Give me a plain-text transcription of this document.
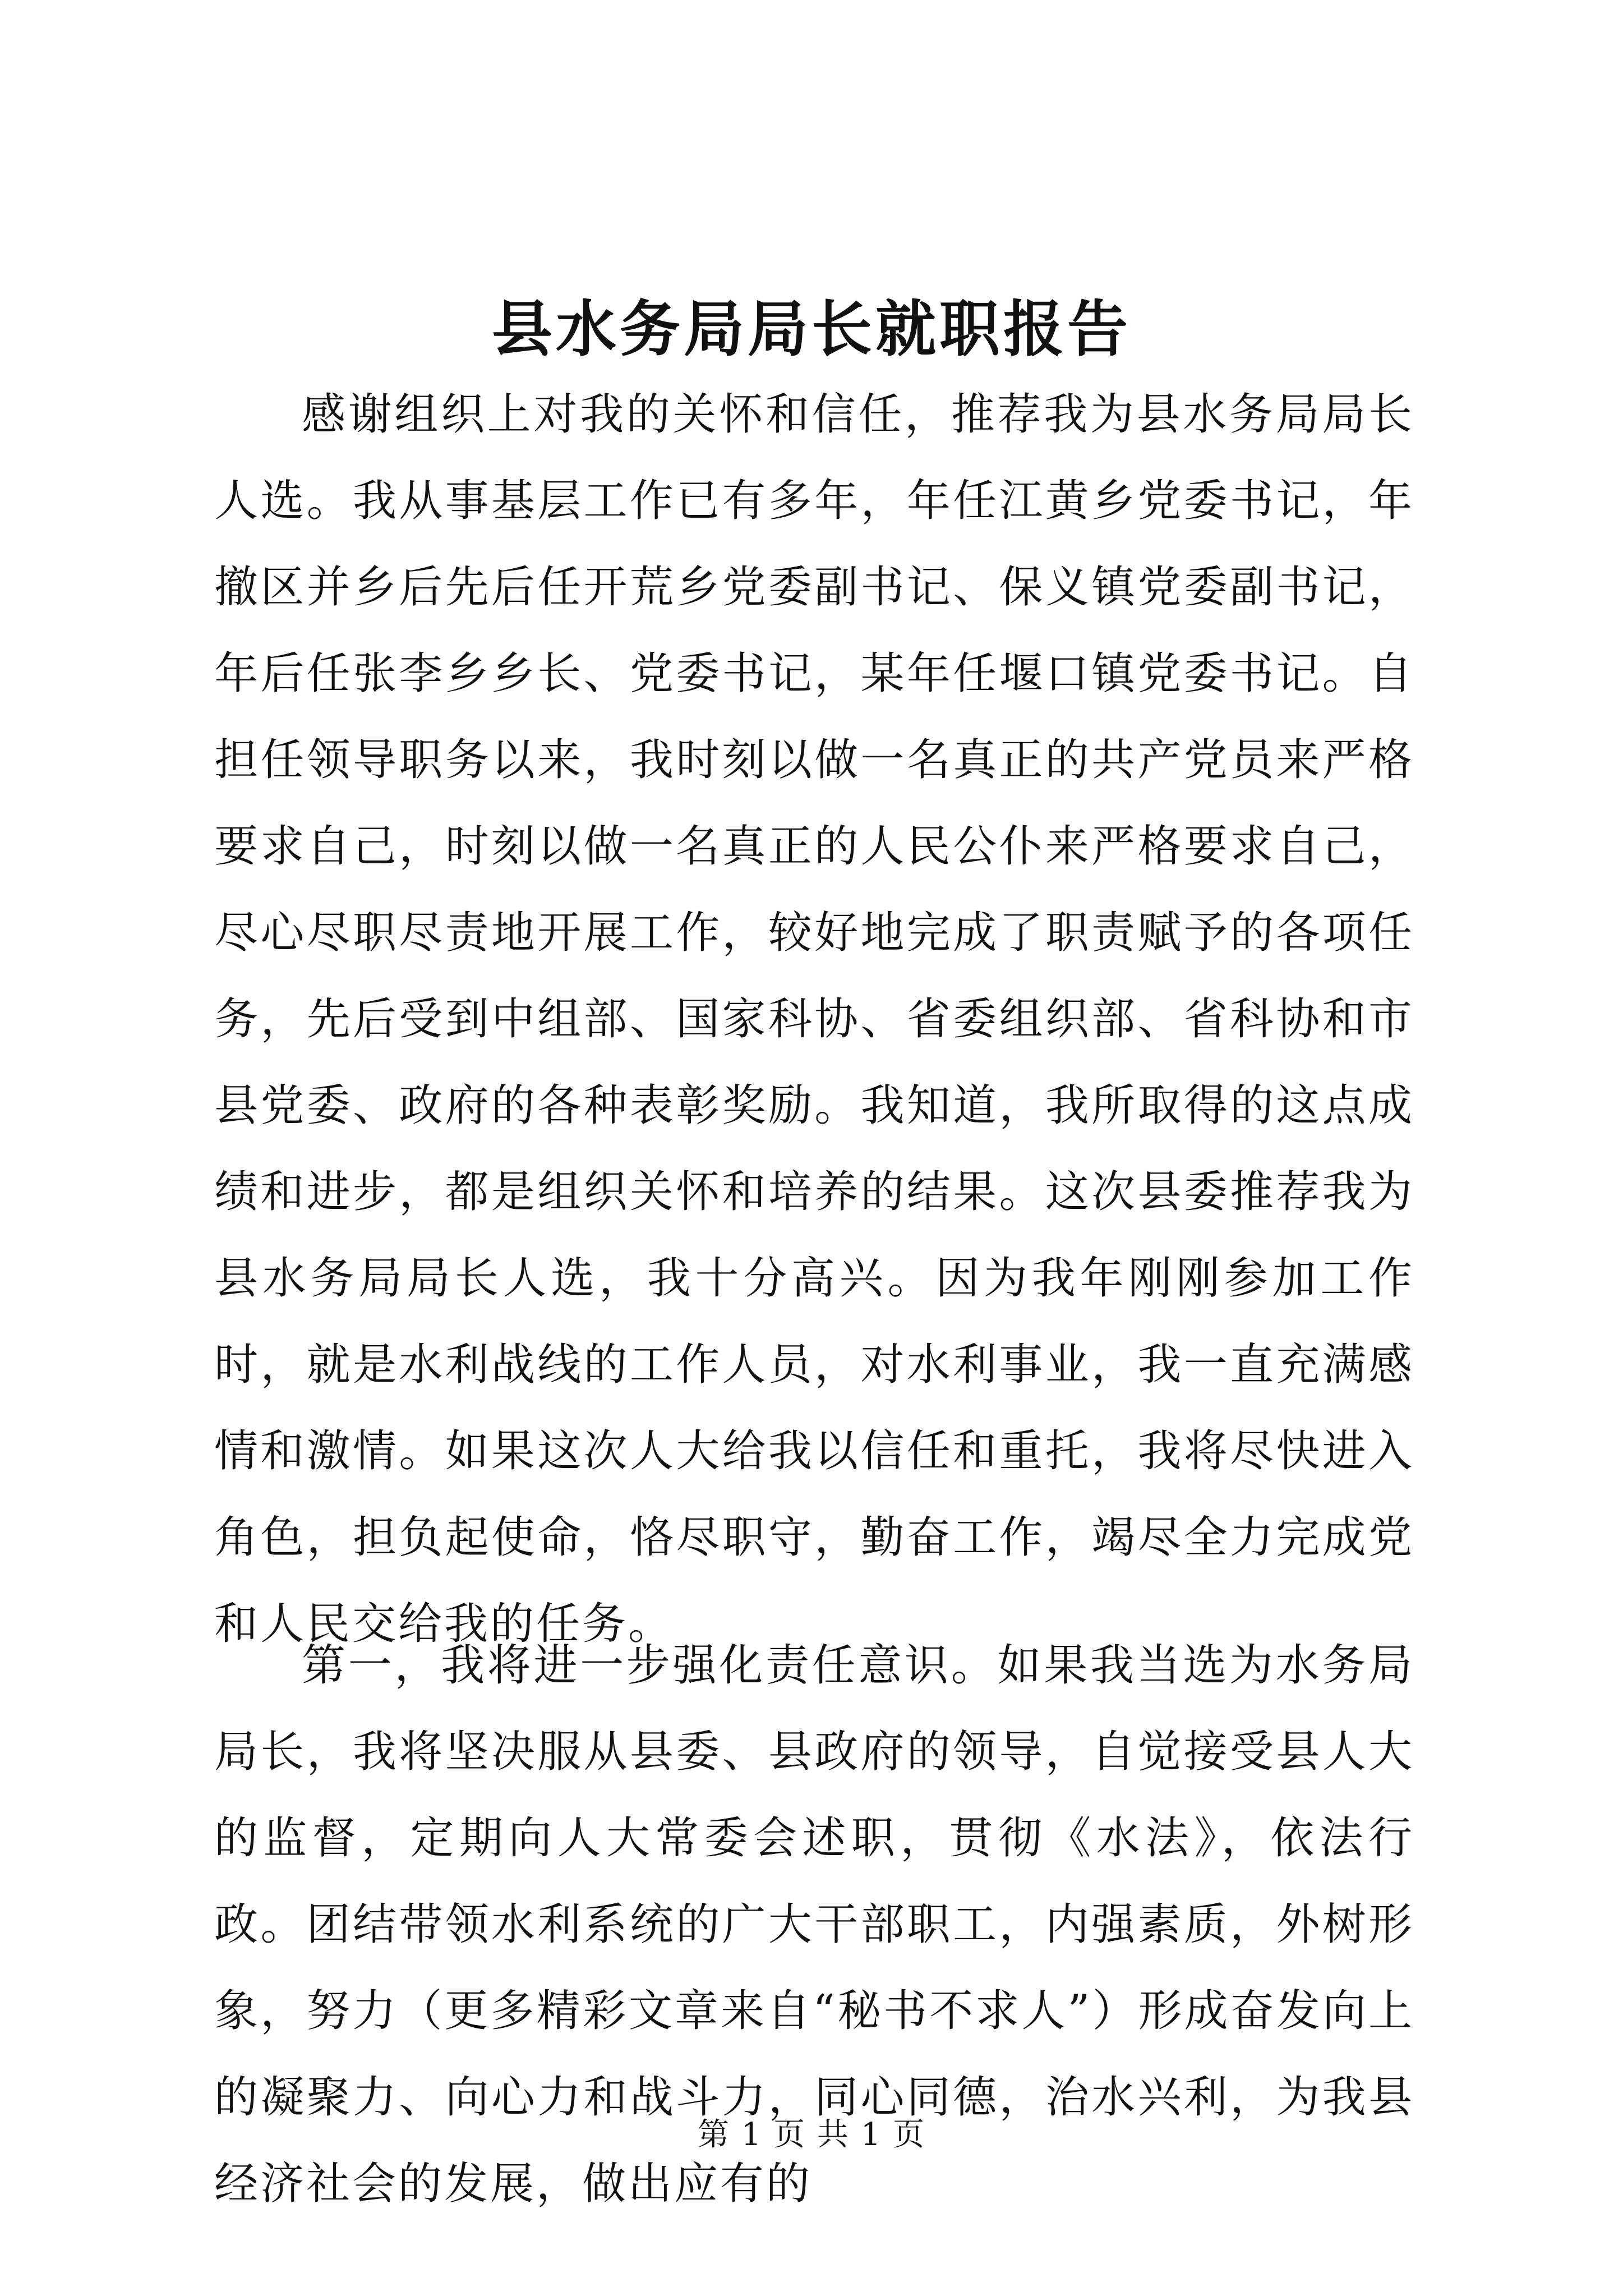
县水务局局长就职报告

感谢组织上对我的关怀和信任，推荐我为县水务局局长人选。我从事基层工作已有多年，年任江黄乡党委书记，年撤区并乡后先后任开荒乡党委副书记、保义镇党委副书记，年后任张李乡乡长、党委书记，某年任堰口镇党委书记。自担任领导职务以来，我时刻以做一名真正的共产党员来严格要求自己，时刻以做一名真正的人民公仆来严格要求自己，尽心尽职尽责地开展工作，较好地完成了职责赋予的各项任务，先后受到中组部、国家科协、省委组织部、省科协和市县党委、政府的各种表彰奖励。我知道，我所取得的这点成绩和进步，都是组织关怀和培养的结果。这次县委推荐我为县水务局局长人选，我十分高兴。因为我年刚刚参加工作时，就是水利战线的工作人员，对水利事业，我一直充满感情和激情。如果这次人大给我以信任和重托，我将尽快进入角色，担负起使命，恪尽职守，勤奋工作，竭尽全力完成党和人民交给我的任务。

第一，我将进一步强化责任意识。如果我当选为水务局局长，我将坚决服从县委、县政府的领导，自觉接受县人大的监督，定期向人大常委会述职，贯彻《水法》，依法行政。团结带领水利系统的广大干部职工，内强素质，外树形象，努力（更多精彩文章来自“秘书不求人”）形成奋发向上的凝聚力、向心力和战斗力，同心同德，治水兴利，为我县经济社会的发展，做出应有的

第 1 页 共 1 页
